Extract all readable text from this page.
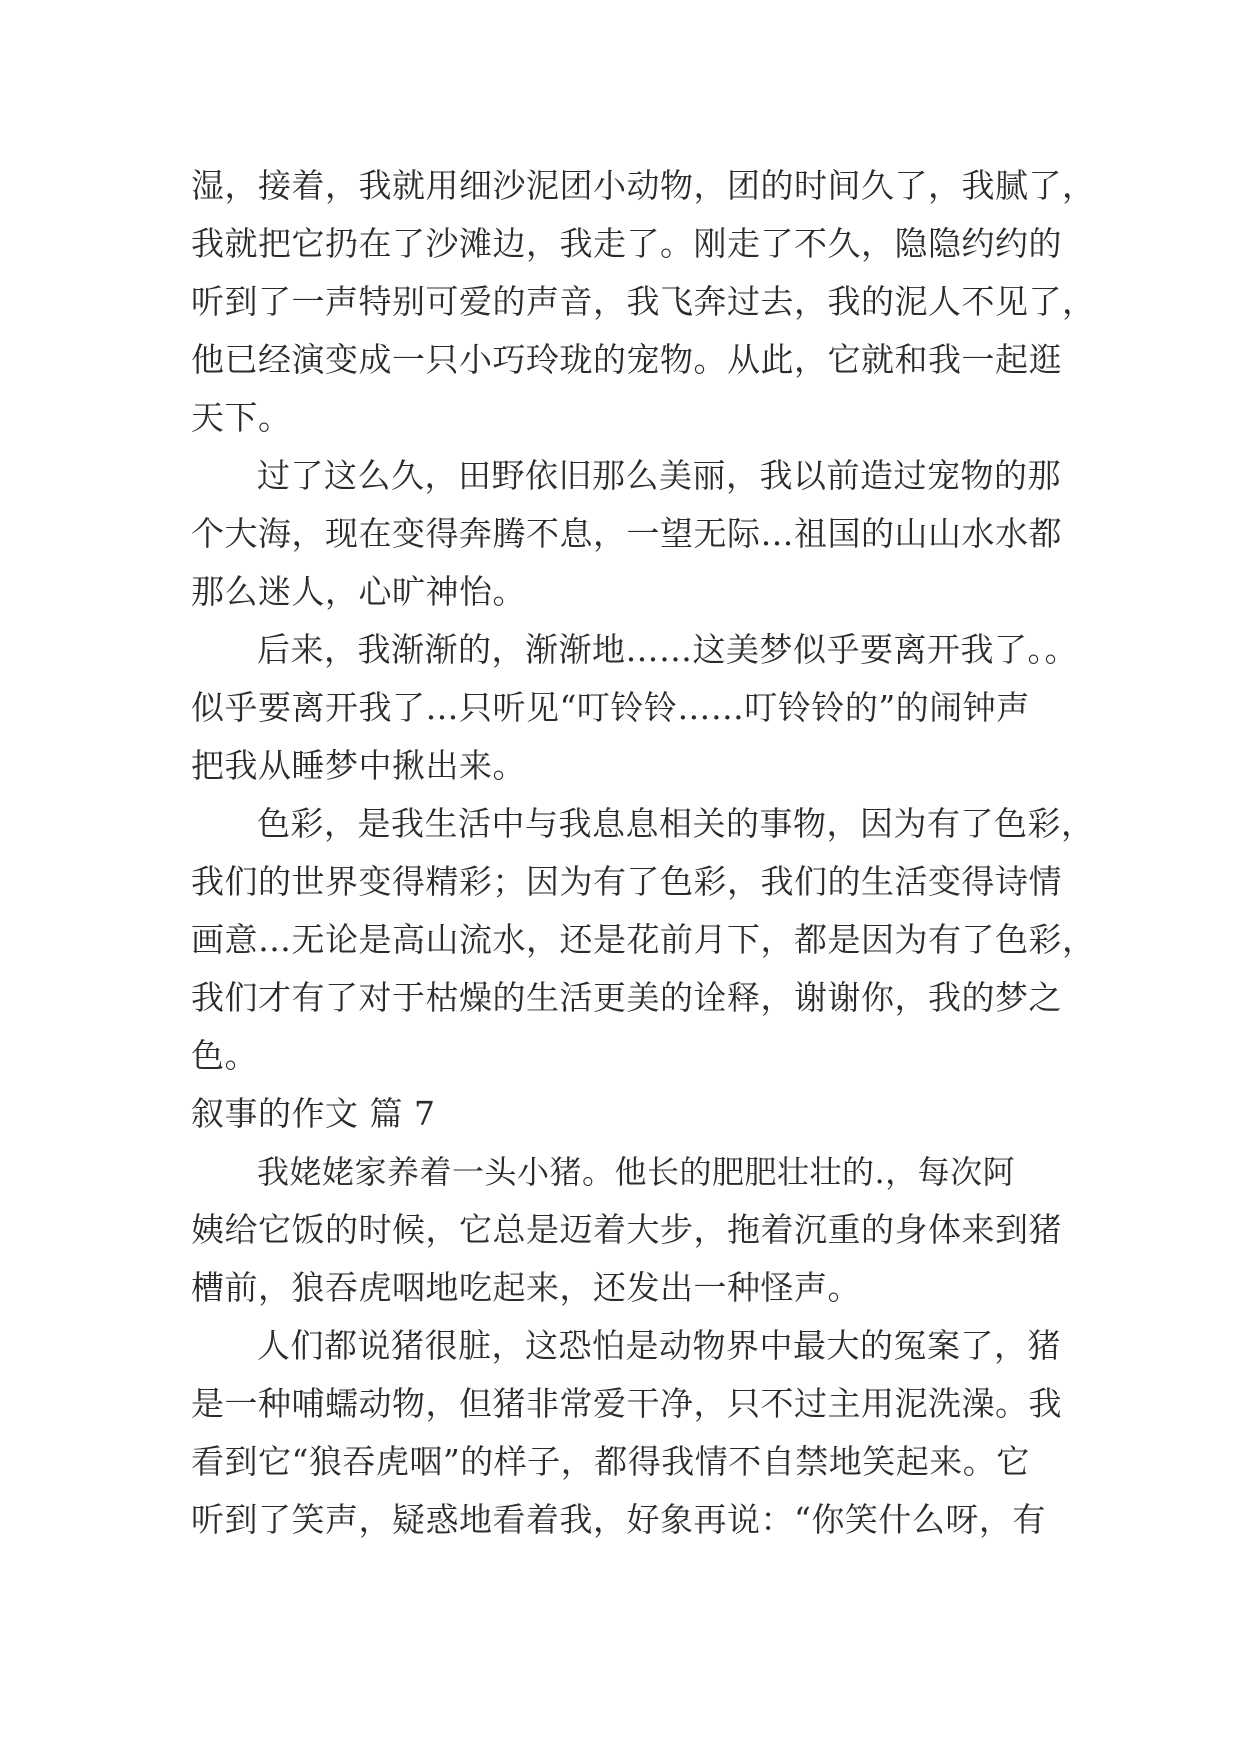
湿，接着，我就用细沙泥团小动物，团的时间久了，我腻了，
我就把它扔在了沙滩边，我走了。刚走了不久，隐隐约约的
听到了一声特别可爱的声音，我飞奔过去，我的泥人不见了，
他已经演变成一只小巧玲珑的宠物。从此，它就和我一起逛
天下。
过了这么久，田野依旧那么美丽，我以前造过宠物的那
个大海，现在变得奔腾不息，一望无际…祖国的山山水水都
那么迷人，心旷神怡。
后来，我渐渐的，渐渐地……这美梦似乎要离开我了。。
似乎要离开我了…只听见“叮铃铃……叮铃铃的”的闹钟声
把我从睡梦中揪出来。
色彩，是我生活中与我息息相关的事物，因为有了色彩，
我们的世界变得精彩；因为有了色彩，我们的生活变得诗情
画意…无论是高山流水，还是花前月下，都是因为有了色彩，
我们才有了对于枯燥的生活更美的诠释，谢谢你，我的梦之
色。
叙事的作文 篇 7
我姥姥家养着一头小猪。他长的肥肥壮壮的.，每次阿
姨给它饭的时候，它总是迈着大步，拖着沉重的身体来到猪
槽前，狼吞虎咽地吃起来，还发出一种怪声。
人们都说猪很脏，这恐怕是动物界中最大的冤案了，猪
是一种哺蠕动物，但猪非常爱干净，只不过主用泥洗澡。我
看到它“狼吞虎咽”的样子，都得我情不自禁地笑起来。它
听到了笑声，疑惑地看着我，好象再说：“你笑什么呀，有
